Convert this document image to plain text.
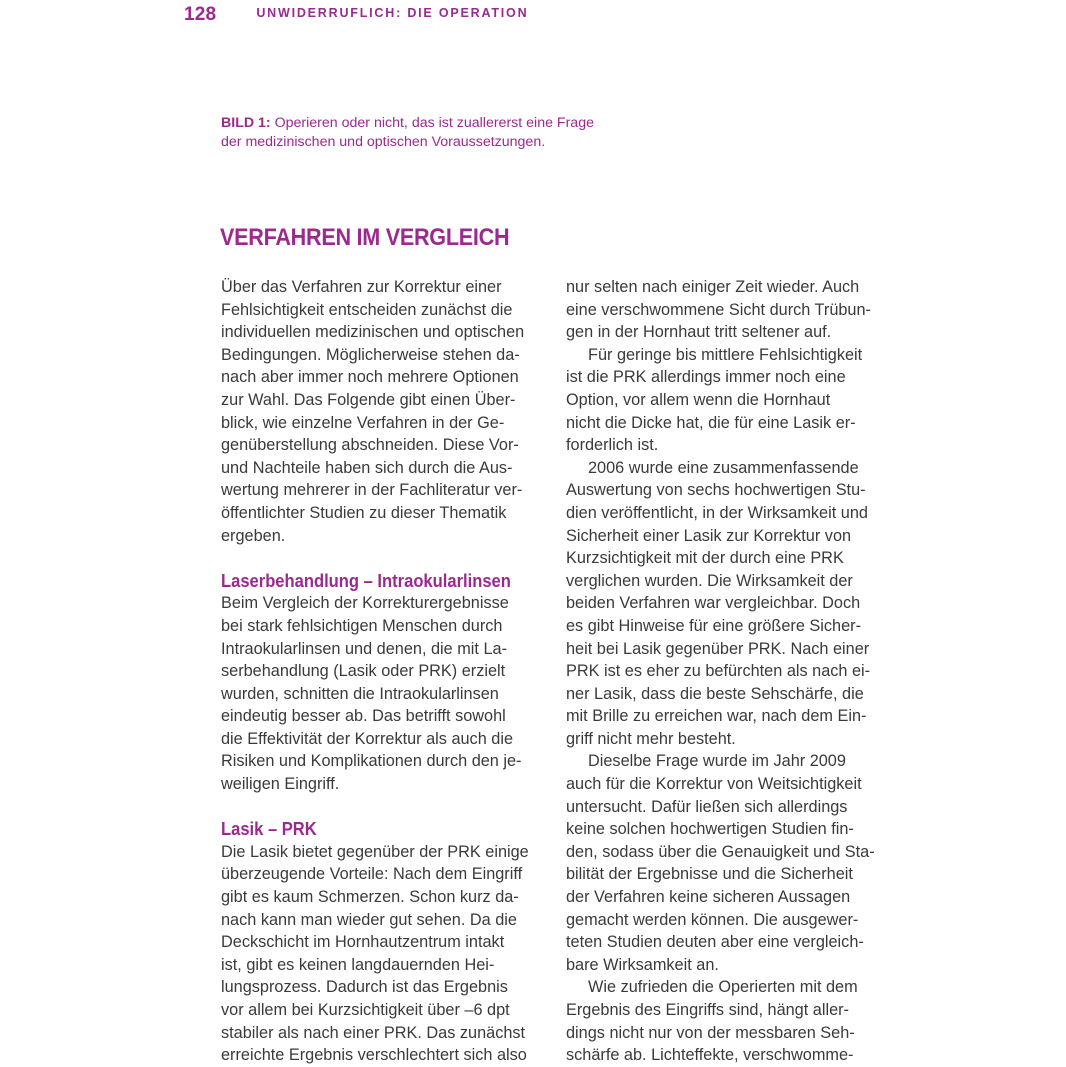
128	UNWIDERRUFLICH: DIE OPERATION
BILD 1: Operieren oder nicht, das ist zuallererst eine Frage
der medizinischen und optischen Voraussetzungen.
VERFAHREN IM VERGLEICH
Über das Verfahren zur Korrektur einer
Fehlsichtigkeit entscheiden zunächst die
individuellen medizinischen und optischen
Bedingungen. Möglicherweise stehen da-
nach aber immer noch mehrere Optionen
zur Wahl. Das Folgende gibt einen Über-
blick, wie einzelne Verfahren in der Ge-
genüberstellung abschneiden. Diese Vor-
und Nachteile haben sich durch die Aus-
wertung mehrerer in der Fachliteratur ver-
öffentlichter Studien zu dieser Thematik
ergeben.
Laserbehandlung – Intraokularlinsen
Beim Vergleich der Korrekturergebnisse
bei stark fehlsichtigen Menschen durch
Intraokularlinsen und denen, die mit La-
serbehandlung (Lasik oder PRK) erzielt
wurden, schnitten die Intraokularlinsen
eindeutig besser ab. Das betrifft sowohl
die Effektivität der Korrektur als auch die
Risiken und Komplikationen durch den je-
weiligen Eingriff.
Lasik – PRK
Die Lasik bietet gegenüber der PRK einige
überzeugende Vorteile: Nach dem Eingriff
gibt es kaum Schmerzen. Schon kurz da-
nach kann man wieder gut sehen. Da die
Deckschicht im Hornhautzentrum intakt
ist, gibt es keinen langdauernden Hei-
lungsprozess. Dadurch ist das Ergebnis
vor allem bei Kurzsichtigkeit über –6 dpt
stabiler als nach einer PRK. Das zunächst
erreichte Ergebnis verschlechtert sich also
nur selten nach einiger Zeit wieder. Auch
eine verschwommene Sicht durch Trübun-
gen in der Hornhaut tritt seltener auf.
Für geringe bis mittlere Fehlsichtigkeit
ist die PRK allerdings immer noch eine
Option, vor allem wenn die Hornhaut
nicht die Dicke hat, die für eine Lasik er-
forderlich ist.
2006 wurde eine zusammenfassende
Auswertung von sechs hochwertigen Stu-
dien veröffentlicht, in der Wirksamkeit und
Sicherheit einer Lasik zur Korrektur von
Kurzsichtigkeit mit der durch eine PRK
verglichen wurden. Die Wirksamkeit der
beiden Verfahren war vergleichbar. Doch
es gibt Hinweise für eine größere Sicher-
heit bei Lasik gegenüber PRK. Nach einer
PRK ist es eher zu befürchten als nach ei-
ner Lasik, dass die beste Sehschärfe, die
mit Brille zu erreichen war, nach dem Ein-
griff nicht mehr besteht.
Dieselbe Frage wurde im Jahr 2009
auch für die Korrektur von Weitsichtigkeit
untersucht. Dafür ließen sich allerdings
keine solchen hochwertigen Studien fin-
den, sodass über die Genauigkeit und Sta-
bilität der Ergebnisse und die Sicherheit
der Verfahren keine sicheren Aussagen
gemacht werden können. Die ausgewer-
teten Studien deuten aber eine vergleich-
bare Wirksamkeit an.
Wie zufrieden die Operierten mit dem
Ergebnis des Eingriffs sind, hängt aller-
dings nicht nur von der messbaren Seh-
schärfe ab. Lichteffekte, verschwomme-
